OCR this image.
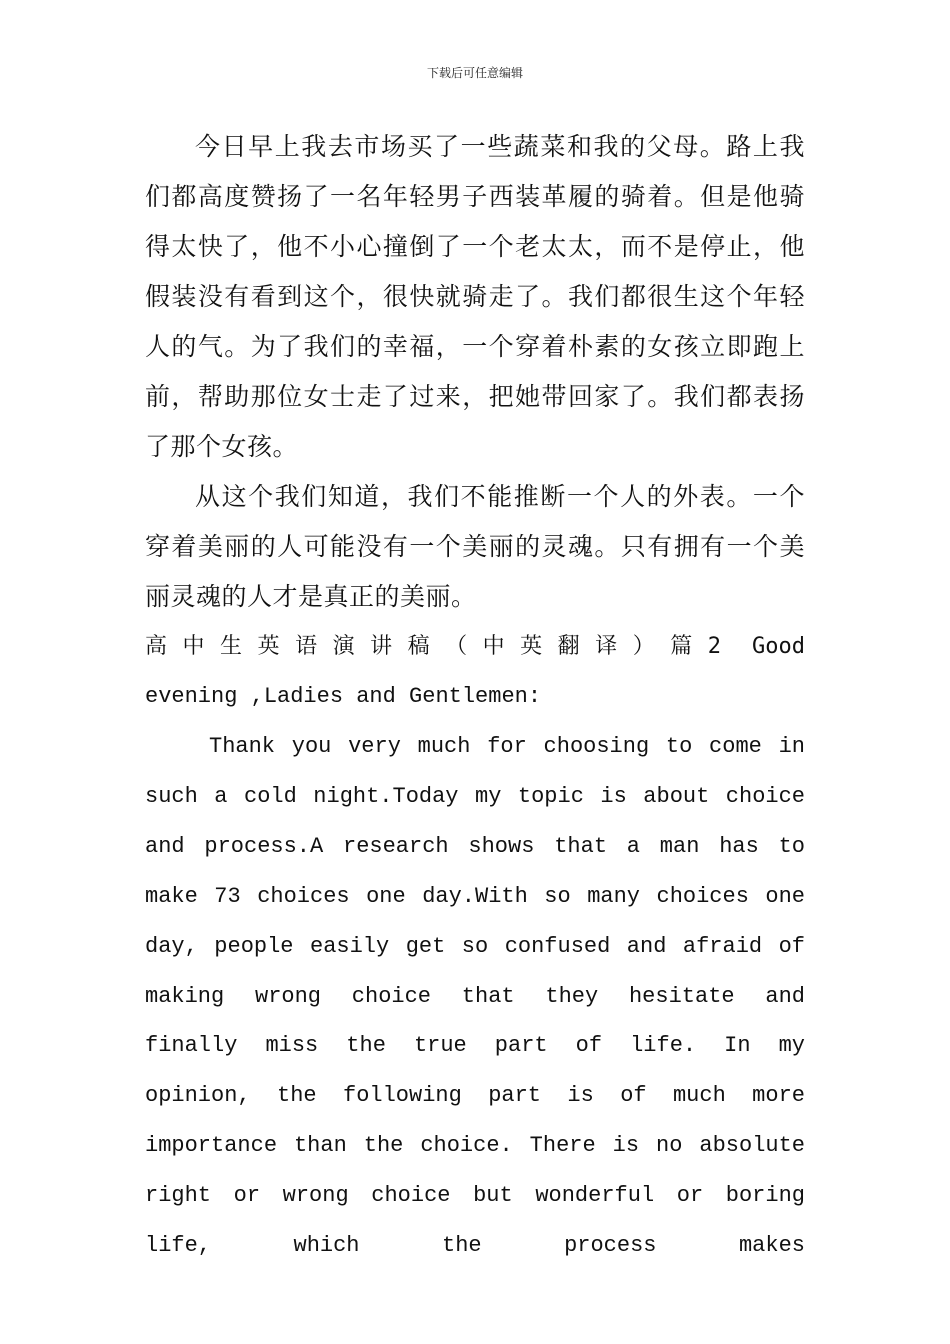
下载后可任意编辑

今日早上我去市场买了一些蔬菜和我的父母。路上我们都高度赞扬了一名年轻男子西装革履的骑着。但是他骑得太快了，他不小心撞倒了一个老太太，而不是停止，他假装没有看到这个，很快就骑走了。我们都很生这个年轻人的气。为了我们的幸福，一个穿着朴素的女孩立即跑上前，帮助那位女士走了过来，把她带回家了。我们都表扬了那个女孩。

从这个我们知道，我们不能推断一个人的外表。一个穿着美丽的人可能没有一个美丽的灵魂。只有拥有一个美丽灵魂的人才是真正的美丽。

高 中 生 英 语 演 讲 稿 （ 中 英 翻 译 ） 篇 2 Good
evening ,Ladies and Gentlemen:

Thank you very much for choosing to come in such a cold night.Today my topic is about choice and process.A research shows that a man has to make 73 choices one day.With so many choices one day, people easily get so confused and afraid of making wrong choice that they hesitate and finally miss the true part of life. In my opinion, the following part is of much more importance than the choice. There is no absolute right or wrong choice but wonderful or boring life, which the process makes
